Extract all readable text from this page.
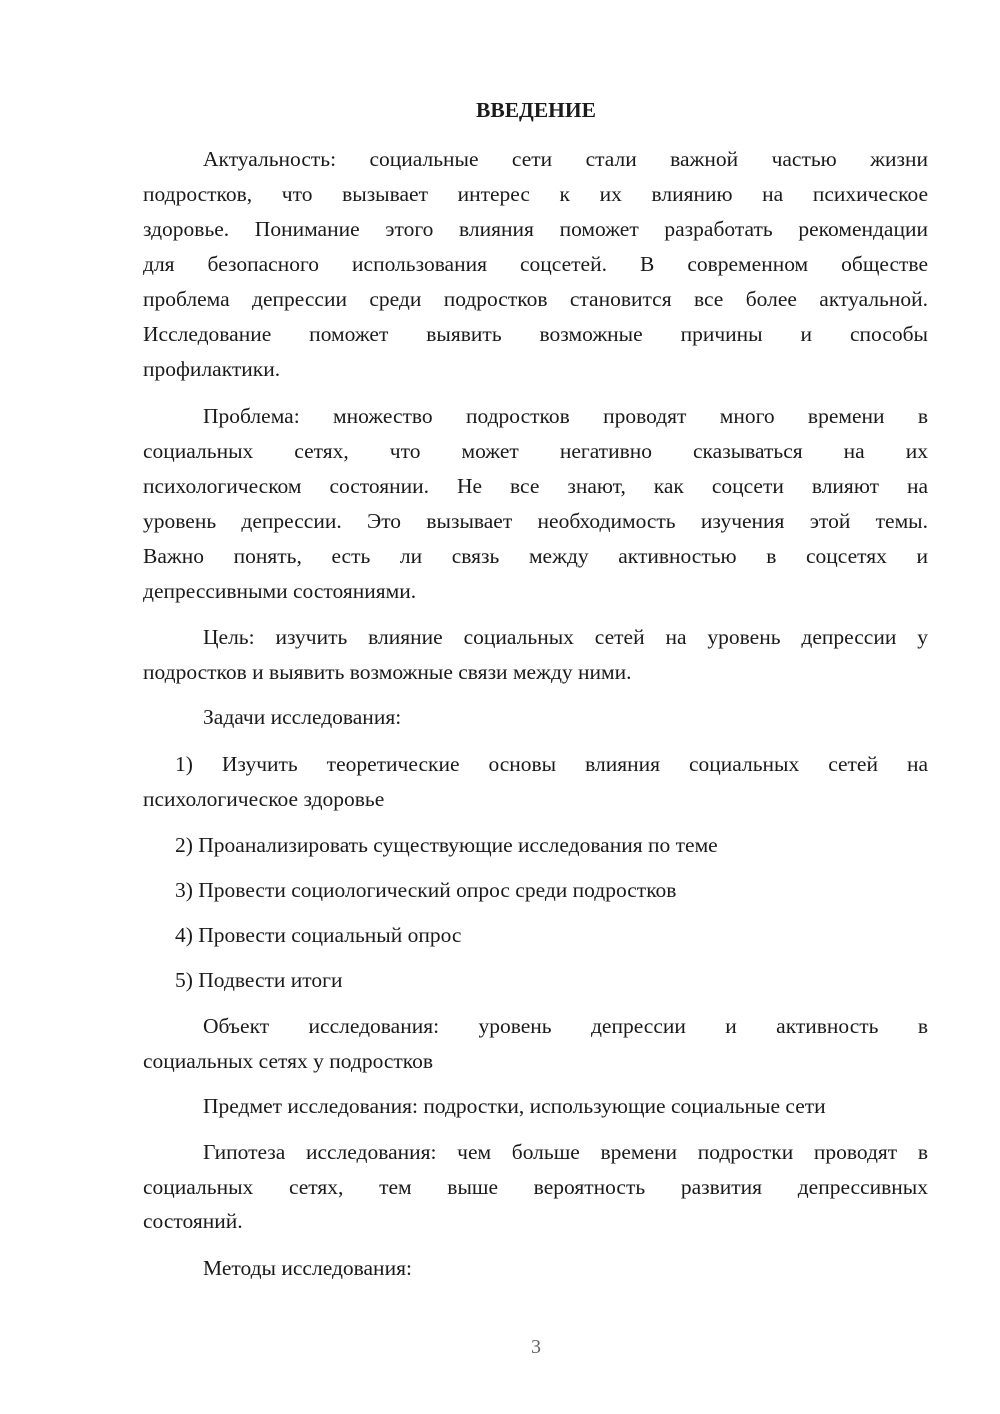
ВВЕДЕНИЕ
Актуальность: социальные сети стали важной частью жизни
подростков, что вызывает интерес к их влиянию на психическое
здоровье. Понимание этого влияния поможет разработать рекомендации
для безопасного использования соцсетей. В современном обществе
проблема депрессии среди подростков становится все более актуальной.
Исследование поможет выявить возможные причины и способы
профилактики.
Проблема: множество подростков проводят много времени в
социальных сетях, что может негативно сказываться на их
психологическом состоянии. Не все знают, как соцсети влияют на
уровень депрессии. Это вызывает необходимость изучения этой темы.
Важно понять, есть ли связь между активностью в соцсетях и
депрессивными состояниями.
Цель: изучить влияние социальных сетей на уровень депрессии у
подростков и выявить возможные связи между ними.
Задачи исследования:
1) Изучить теоретические основы влияния социальных сетей на
психологическое здоровье
2) Проанализировать существующие исследования по теме
3) Провести социологический опрос среди подростков
4) Провести социальный опрос
5) Подвести итоги
Объект исследования: уровень депрессии и активность в
социальных сетях у подростков
Предмет исследования: подростки, использующие социальные сети
Гипотеза исследования: чем больше времени подростки проводят в
социальных сетях, тем выше вероятность развития депрессивных
состояний.
Методы исследования:
3
